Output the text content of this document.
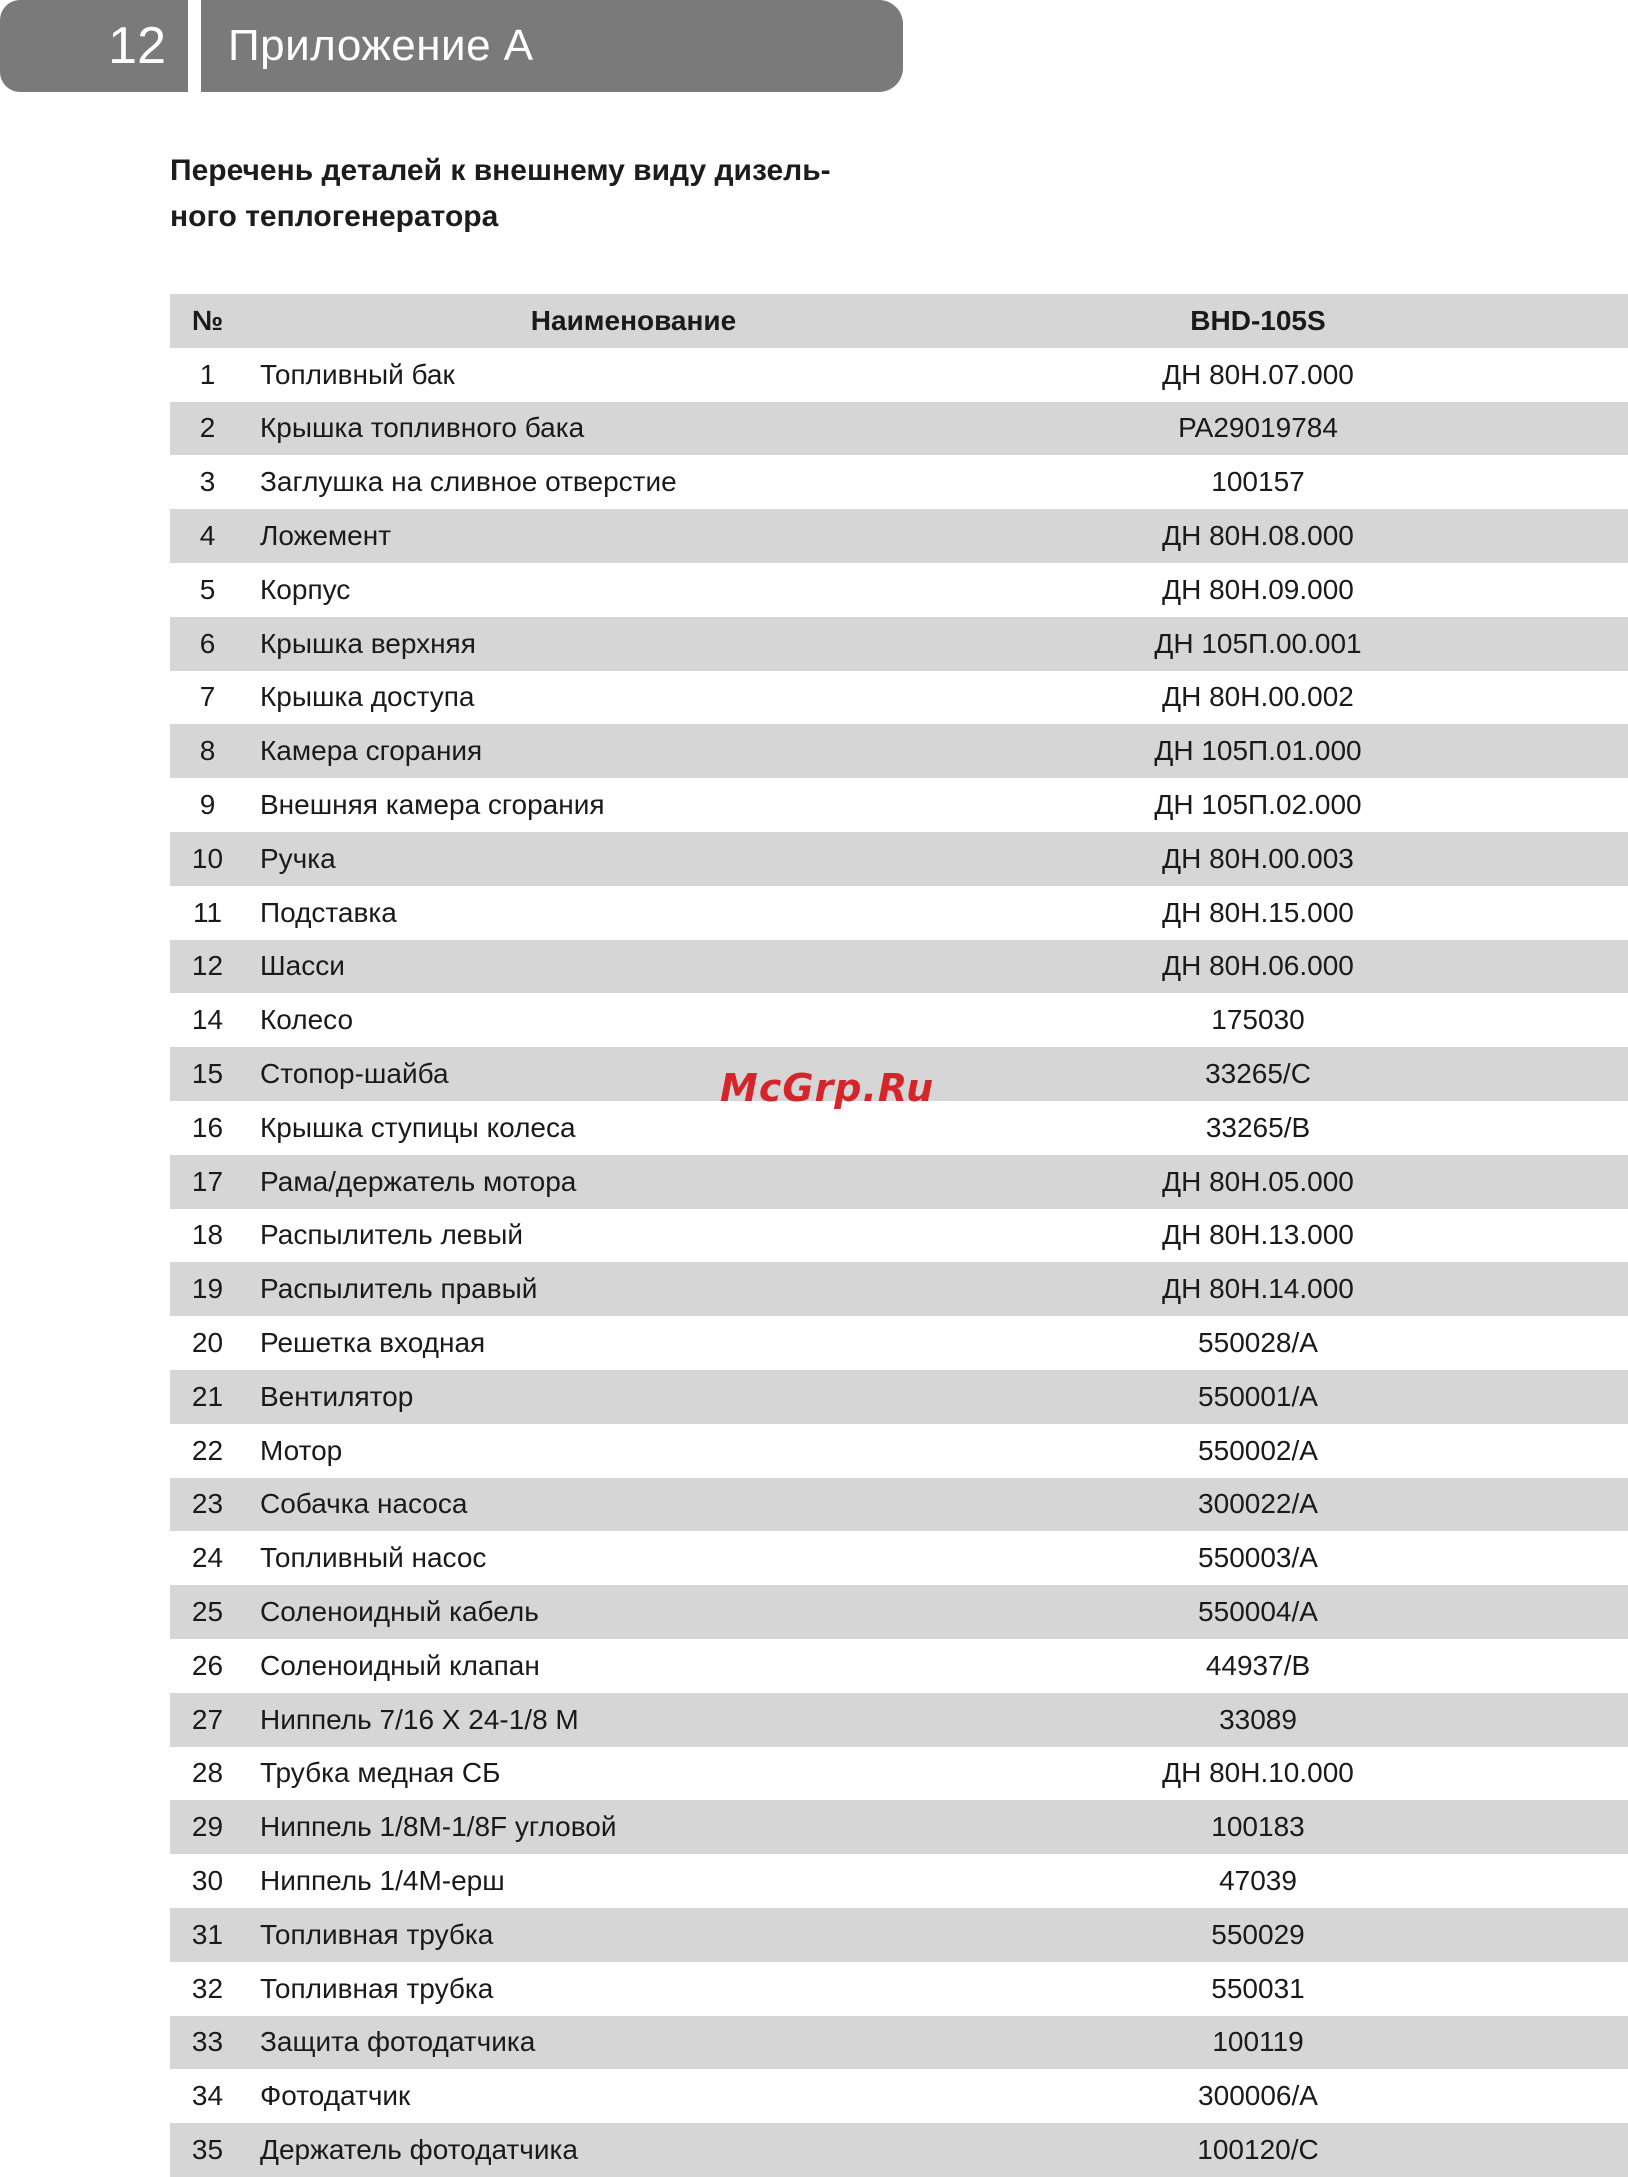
12 Приложение А
Перечень деталей к внешнему виду дизель-
ного теплогенератора
№	Наименование	BHD-105S	
1	Топливный бак	ДН 80Н.07.000	
2	Крышка топливного бака	PA29019784	
3	Заглушка на сливное отверстие	100157	
4	Ложемент	ДН 80Н.08.000	
5	Корпус	ДН 80Н.09.000	
6	Крышка верхняя	ДН 105П.00.001	
7	Крышка доступа	ДН 80Н.00.002	
8	Камера сгорания	ДН 105П.01.000	
9	Внешняя камера сгорания	ДН 105П.02.000	
10	Ручка	ДН 80Н.00.003	
11	Подставка	ДН 80Н.15.000	
12	Шасси	ДН 80Н.06.000	
14	Колесо	175030	
15	Стопор-шайба	33265/C	
16	Крышка ступицы колеса	33265/B	
17	Рама/держатель мотора	ДН 80Н.05.000	
18	Распылитель левый	ДН 80Н.13.000	
19	Распылитель правый	ДН 80Н.14.000	
20	Решетка входная	550028/A	
21	Вентилятор	550001/A	
22	Мотор	550002/A	
23	Собачка насоса	300022/A	
24	Топливный насос	550003/A	
25	Соленоидный кабель	550004/A	
26	Соленоидный клапан	44937/B	
27	Ниппель 7/16 X 24-1/8 M	33089	
28	Трубка медная СБ	ДН 80Н.10.000	
29	Ниппель 1/8M-1/8F угловой	100183	
30	Ниппель 1/4M-ерш	47039	
31	Топливная трубка	550029	
32	Топливная трубка	550031	
33	Защита фотодатчика	100119	
34	Фотодатчик	300006/A	
35	Держатель фотодатчика	100120/C	
McGrp.Ru
